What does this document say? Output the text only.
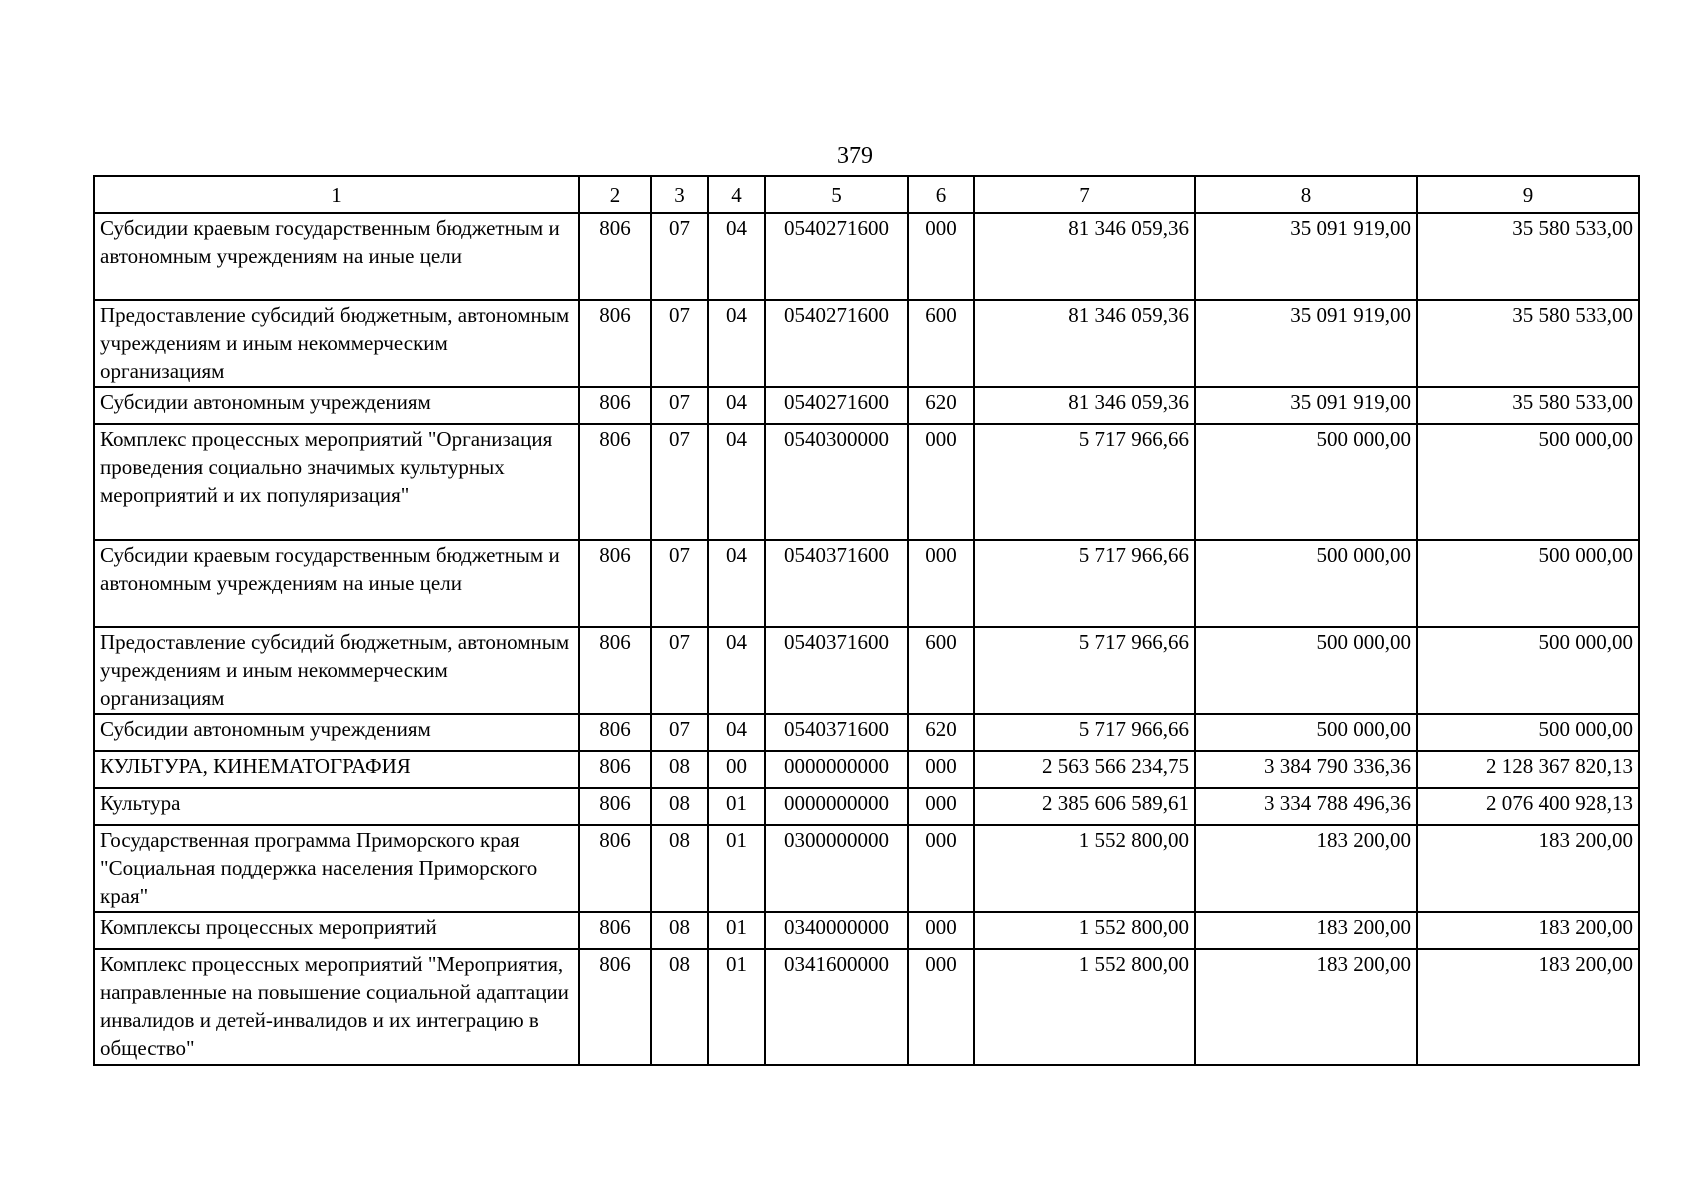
379
1	2	3	4	5	6	7	8	9
Субсидии краевым государственным бюджетным и автономным учреждениям на иные цели	806	07	04	0540271600	000	81 346 059,36	35 091 919,00	35 580 533,00
Предоставление субсидий бюджетным, автономным учреждениям и иным некоммерческим организациям	806	07	04	0540271600	600	81 346 059,36	35 091 919,00	35 580 533,00
Субсидии автономным учреждениям	806	07	04	0540271600	620	81 346 059,36	35 091 919,00	35 580 533,00
Комплекс процессных мероприятий "Организация проведения социально значимых культурных мероприятий и их популяризация"	806	07	04	0540300000	000	5 717 966,66	500 000,00	500 000,00
Субсидии краевым государственным бюджетным и автономным учреждениям на иные цели	806	07	04	0540371600	000	5 717 966,66	500 000,00	500 000,00
Предоставление субсидий бюджетным, автономным учреждениям и иным некоммерческим организациям	806	07	04	0540371600	600	5 717 966,66	500 000,00	500 000,00
Субсидии автономным учреждениям	806	07	04	0540371600	620	5 717 966,66	500 000,00	500 000,00
КУЛЬТУРА, КИНЕМАТОГРАФИЯ	806	08	00	0000000000	000	2 563 566 234,75	3 384 790 336,36	2 128 367 820,13
Культура	806	08	01	0000000000	000	2 385 606 589,61	3 334 788 496,36	2 076 400 928,13
Государственная программа Приморского края "Социальная поддержка населения Приморского края"	806	08	01	0300000000	000	1 552 800,00	183 200,00	183 200,00
Комплексы процессных мероприятий	806	08	01	0340000000	000	1 552 800,00	183 200,00	183 200,00
Комплекс процессных мероприятий "Мероприятия, направленные на повышение социальной адаптации инвалидов и детей-инвалидов и их интеграцию в общество"	806	08	01	0341600000	000	1 552 800,00	183 200,00	183 200,00
